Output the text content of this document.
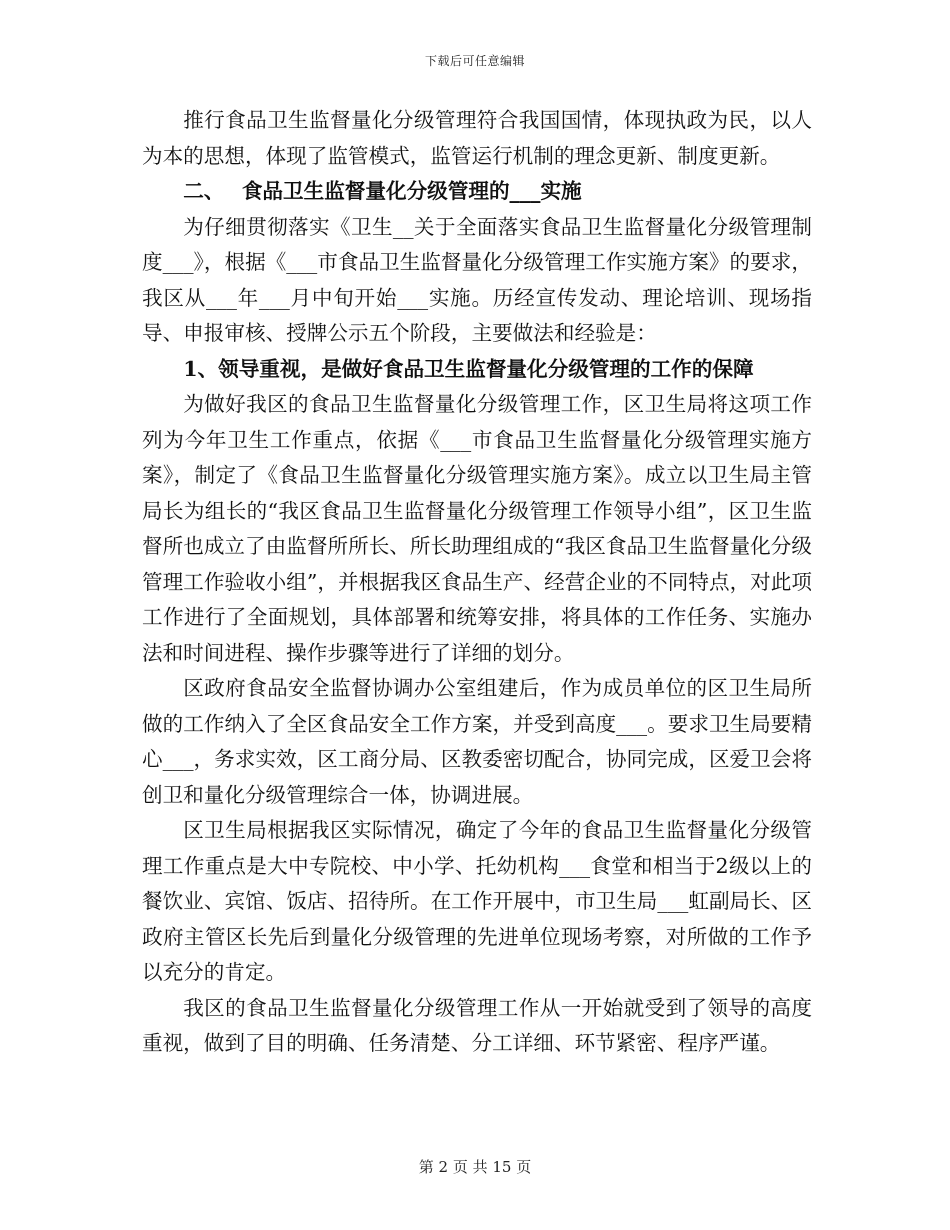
下载后可任意编辑

推行食品卫生监督量化分级管理符合我国国情，体现执政为民，以人为本的思想，体现了监管模式，监管运行机制的理念更新、制度更新。

二、　 食品卫生监督量化分级管理的___实施

为仔细贯彻落实《卫生__关于全面落实食品卫生监督量化分级管理制度___》，根据《___市食品卫生监督量化分级管理工作实施方案》的要求，我区从___年___月中旬开始___实施。历经宣传发动、理论培训、现场指导、申报审核、授牌公示五个阶段，主要做法和经验是：

1、领导重视，是做好食品卫生监督量化分级管理的工作的保障

为做好我区的食品卫生监督量化分级管理工作，区卫生局将这项工作列为今年卫生工作重点，依据《___市食品卫生监督量化分级管理实施方案》，制定了《食品卫生监督量化分级管理实施方案》。成立以卫生局主管局长为组长的“我区食品卫生监督量化分级管理工作领导小组”，区卫生监督所也成立了由监督所所长、所长助理组成的“我区食品卫生监督量化分级管理工作验收小组”，并根据我区食品生产、经营企业的不同特点，对此项工作进行了全面规划，具体部署和统筹安排，将具体的工作任务、实施办法和时间进程、操作步骤等进行了详细的划分。

区政府食品安全监督协调办公室组建后，作为成员单位的区卫生局所做的工作纳入了全区食品安全工作方案，并受到高度___。要求卫生局要精心___，务求实效，区工商分局、区教委密切配合，协同完成，区爱卫会将创卫和量化分级管理综合一体，协调进展。

区卫生局根据我区实际情况，确定了今年的食品卫生监督量化分级管理工作重点是大中专院校、中小学、托幼机构___食堂和相当于2级以上的餐饮业、宾馆、饭店、招待所。在工作开展中，市卫生局___虹副局长、区政府主管区长先后到量化分级管理的先进单位现场考察，对所做的工作予以充分的肯定。

我区的食品卫生监督量化分级管理工作从一开始就受到了领导的高度重视，做到了目的明确、任务清楚、分工详细、环节紧密、程序严谨。

第 2 页 共 15 页
